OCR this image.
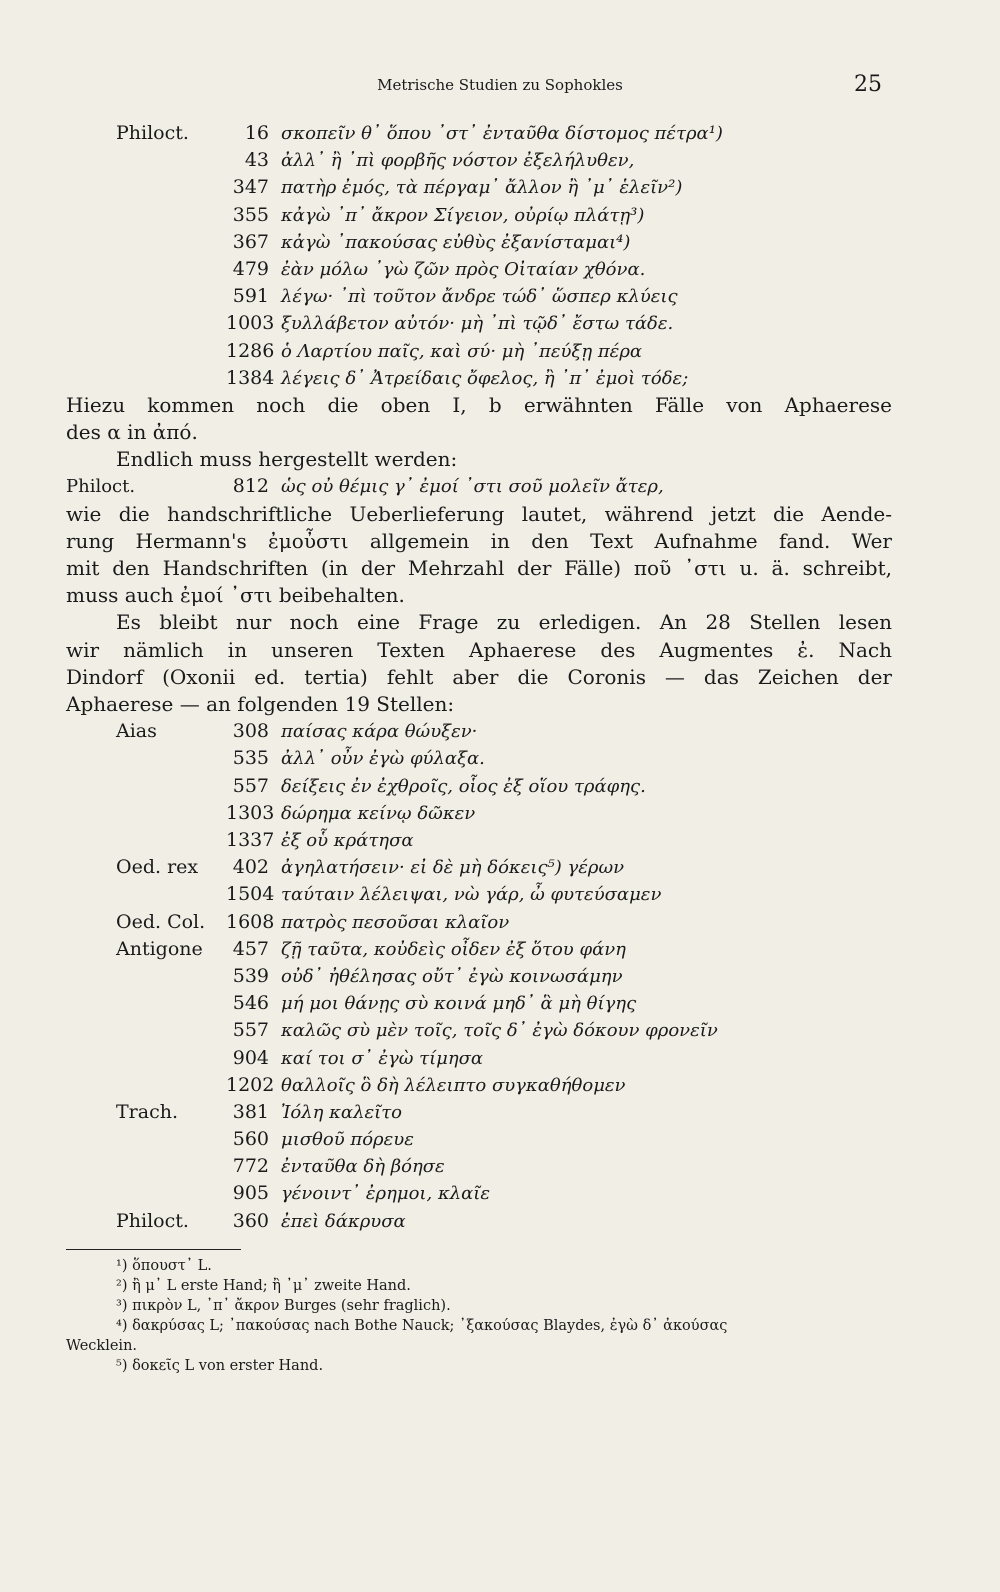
Metrische Studien zu Sophokles	25
Philoct.	16 σκοπεῖν θ᾽ ὅπου ᾽στ᾽ ἐνταῦθα δίστομος πέτρα¹)
43 ἀλλ᾽ ἢ ᾽πὶ φορβῆς νόστον ἐξελήλυθεν,
347 πατὴρ ἐμός, τὰ πέργαμ᾽ ἄλλον ἢ ᾽μ᾽ ἑλεῖν²)
355 κἀγὼ ᾽π᾽ ἄκρον Σίγειον, οὐρίῳ πλάτῃ³)
367 κἀγὼ ᾽πακούσας εὐθὺς ἐξανίσταμαι⁴)
479 ἐὰν μόλω ᾽γὼ ζῶν πρὸς Οἰταίαν χθόνα.
591 λέγω· ᾽πὶ τοῦτον ἄνδρε τώδ᾽ ὥσπερ κλύεις
1003 ξυλλάβετον αὐτόν· μὴ ᾽πὶ τῷδ᾽ ἔστω τάδε.
1286 ὁ Λαρτίου παῖς, καὶ σύ· μὴ ᾽πεύξῃ πέρα
1384 λέγεις δ᾽ Ἀτρείδαις ὄφελος, ἢ ᾽π᾽ ἐμοὶ τόδε;

Hiezu kommen noch die oben I, b erwähnten Fälle von Aphaerese
des α in ἀπό.

Endlich muss hergestellt werden:

Philoct.	812 ὡς οὐ θέμις γ᾽ ἐμοί ᾽στι σοῦ μολεῖν ἄτερ,

wie die handschriftliche Ueberlieferung lautet, während jetzt die Aende-
rung Hermann's ἐμοὖστι allgemein in den Text Aufnahme fand. Wer
mit den Handschriften (in der Mehrzahl der Fälle) ποῦ ᾽στι u. ä. schreibt,
muss auch ἐμοί ᾽στι beibehalten.

Es bleibt nur noch eine Frage zu erledigen. An 28 Stellen lesen
wir nämlich in unseren Texten Aphaerese des Augmentes ἐ. Nach
Dindorf (Oxonii ed. tertia) fehlt aber die Coronis — das Zeichen der
Aphaerese — an folgenden 19 Stellen:

Aias	308 παίσας κάρα θώυξεν·
535 ἀλλ᾽ οὖν ἐγὼ φύλαξα.
557 δείξεις ἐν ἐχθροῖς, οἷος ἐξ οἵου τράφης.
1303 δώρημα κείνῳ δῶκεν
1337 ἐξ οὗ κράτησα
Oed. rex	402 ἀγηλατήσειν· εἰ δὲ μὴ δόκεις⁵) γέρων
1504 ταύταιν λέλειψαι, νὼ γάρ, ὦ φυτεύσαμεν
Oed. Col. 1608 πατρὸς πεσοῦσαι κλαῖον
Antigone	457 ζῇ ταῦτα, κοὐδεὶς οἶδεν ἐξ ὅτου φάνη
539 οὐδ᾽ ἠθέλησας οὔτ᾽ ἐγὼ κοινωσάμην
546 μή μοι θάνῃς σὺ κοινά μηδ᾽ ἃ μὴ θίγης
557 καλῶς σὺ μὲν τοῖς, τοῖς δ᾽ ἐγὼ δόκουν φρονεῖν
904 καί τοι σ᾽ ἐγὼ τίμησα
1202 θαλλοῖς ὃ δὴ λέλειπτο συγκαθήθομεν
Trach.	381 Ἰόλη καλεῖτο
560 μισθοῦ πόρευε
772 ἐνταῦθα δὴ βόησε
905 γένοιντ᾽ ἐρημοι, κλαῖε
Philoct.	360 ἐπεὶ δάκρυσα
¹) ὅπουστ᾽ L.
²) ἢ μ᾽ L erste Hand; ἢ ᾽μ᾽ zweite Hand.
³) πικρὸν L, ᾽π᾽ ἄκρον Burges (sehr fraglich).
⁴) δακρύσας L; ᾽πακούσας nach Bothe Nauck; ᾽ξακούσας Blaydes, ἐγὼ δ᾽ ἀκούσας
Wecklein.
⁵) δοκεῖς L von erster Hand.
